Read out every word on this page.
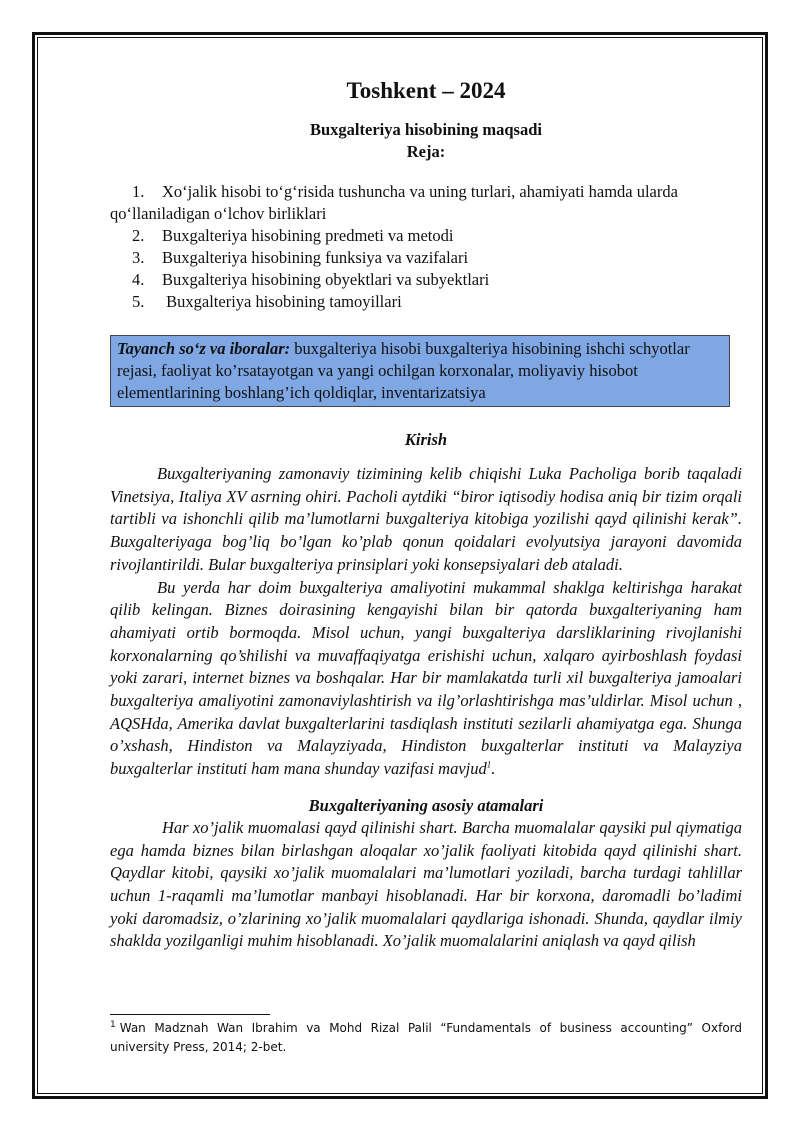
Toshkent – 2024

Buxgalteriya hisobining maqsadi

Reja:

1. Xo‘jalik hisobi to‘g‘risida tushuncha va uning turlari, ahamiyati hamda ularda qo‘llaniladigan o‘lchov birliklari
2. Buxgalteriya hisobining predmeti va metodi
3. Buxgalteriya hisobining funksiya va vazifalari
4. Buxgalteriya hisobining obyektlari va subyektlari
5. Buxgalteriya hisobining tamoyillari
Tayanch so‘z va iboralar: buxgalteriya hisobi buxgalteriya hisobining ishchi schyotlar rejasi, faoliyat ko’rsatayotgan va yangi ochilgan korxonalar, moliyaviy hisobot elementlarining boshlang’ich qoldiqlar, inventarizatsiya

Kirish

Buxgalteriyaning zamonaviy tizimining kelib chiqishi Luka Pacholiga borib taqaladi Vinetsiya, Italiya XV asrning ohiri. Pacholi aytdiki “biror iqtisodiy hodisa aniq bir tizim orqali tartibli va ishonchli qilib ma’lumotlarni buxgalteriya kitobiga yozilishi qayd qilinishi kerak”. Buxgalteriyaga bog’liq bo’lgan ko’plab qonun qoidalari evolyutsiya jarayoni davomida rivojlantirildi. Bular buxgalteriya prinsiplari yoki konsepsiyalari deb ataladi.

Bu yerda har doim buxgalteriya amaliyotini mukammal shaklga keltirishga harakat qilib kelingan. Biznes doirasining kengayishi bilan bir qatorda buxgalteriyaning ham ahamiyati ortib bormoqda. Misol uchun, yangi buxgalteriya darsliklarining rivojlanishi korxonalarning qo’shilishi va muvaffaqiyatga erishishi uchun, xalqaro ayirboshlash foydasi yoki zarari, internet biznes va boshqalar. Har bir mamlakatda turli xil buxgalteriya jamoalari buxgalteriya amaliyotini zamonaviylashtirish va ilg’orlashtirishga mas’uldirlar. Misol uchun , AQSHda, Amerika davlat buxgalterlarini tasdiqlash instituti sezilarli ahamiyatga ega. Shunga o’xshash, Hindiston va Malayziyada, Hindiston buxgalterlar instituti va Malayziya buxgalterlar instituti ham mana shunday vazifasi mavjud$^1$.

Buxgalteriyaning asosiy atamalari

Har xo’jalik muomalasi qayd qilinishi shart. Barcha muomalalar qaysiki pul qiymatiga ega hamda biznes bilan birlashgan aloqalar xo’jalik faoliyati kitobida qayd qilinishi shart. Qaydlar kitobi, qaysiki xo’jalik muomalalari ma’lumotlari yoziladi, barcha turdagi tahlillar uchun 1-raqamli ma’lumotlar manbayi hisoblanadi. Har bir korxona, daromadli bo’ladimi yoki daromadsiz, o’zlarining xo’jalik muomalalari qaydlariga ishonadi. Shunda, qaydlar ilmiy shaklda yozilganligi muhim hisoblanadi. Xo’jalik muomalalarini aniqlash va qayd qilish

$^1$ Wan Madznah Wan Ibrahim va Mohd Rizal Palil “Fundamentals of business accounting” Oxford university Press, 2014; 2-bet.
